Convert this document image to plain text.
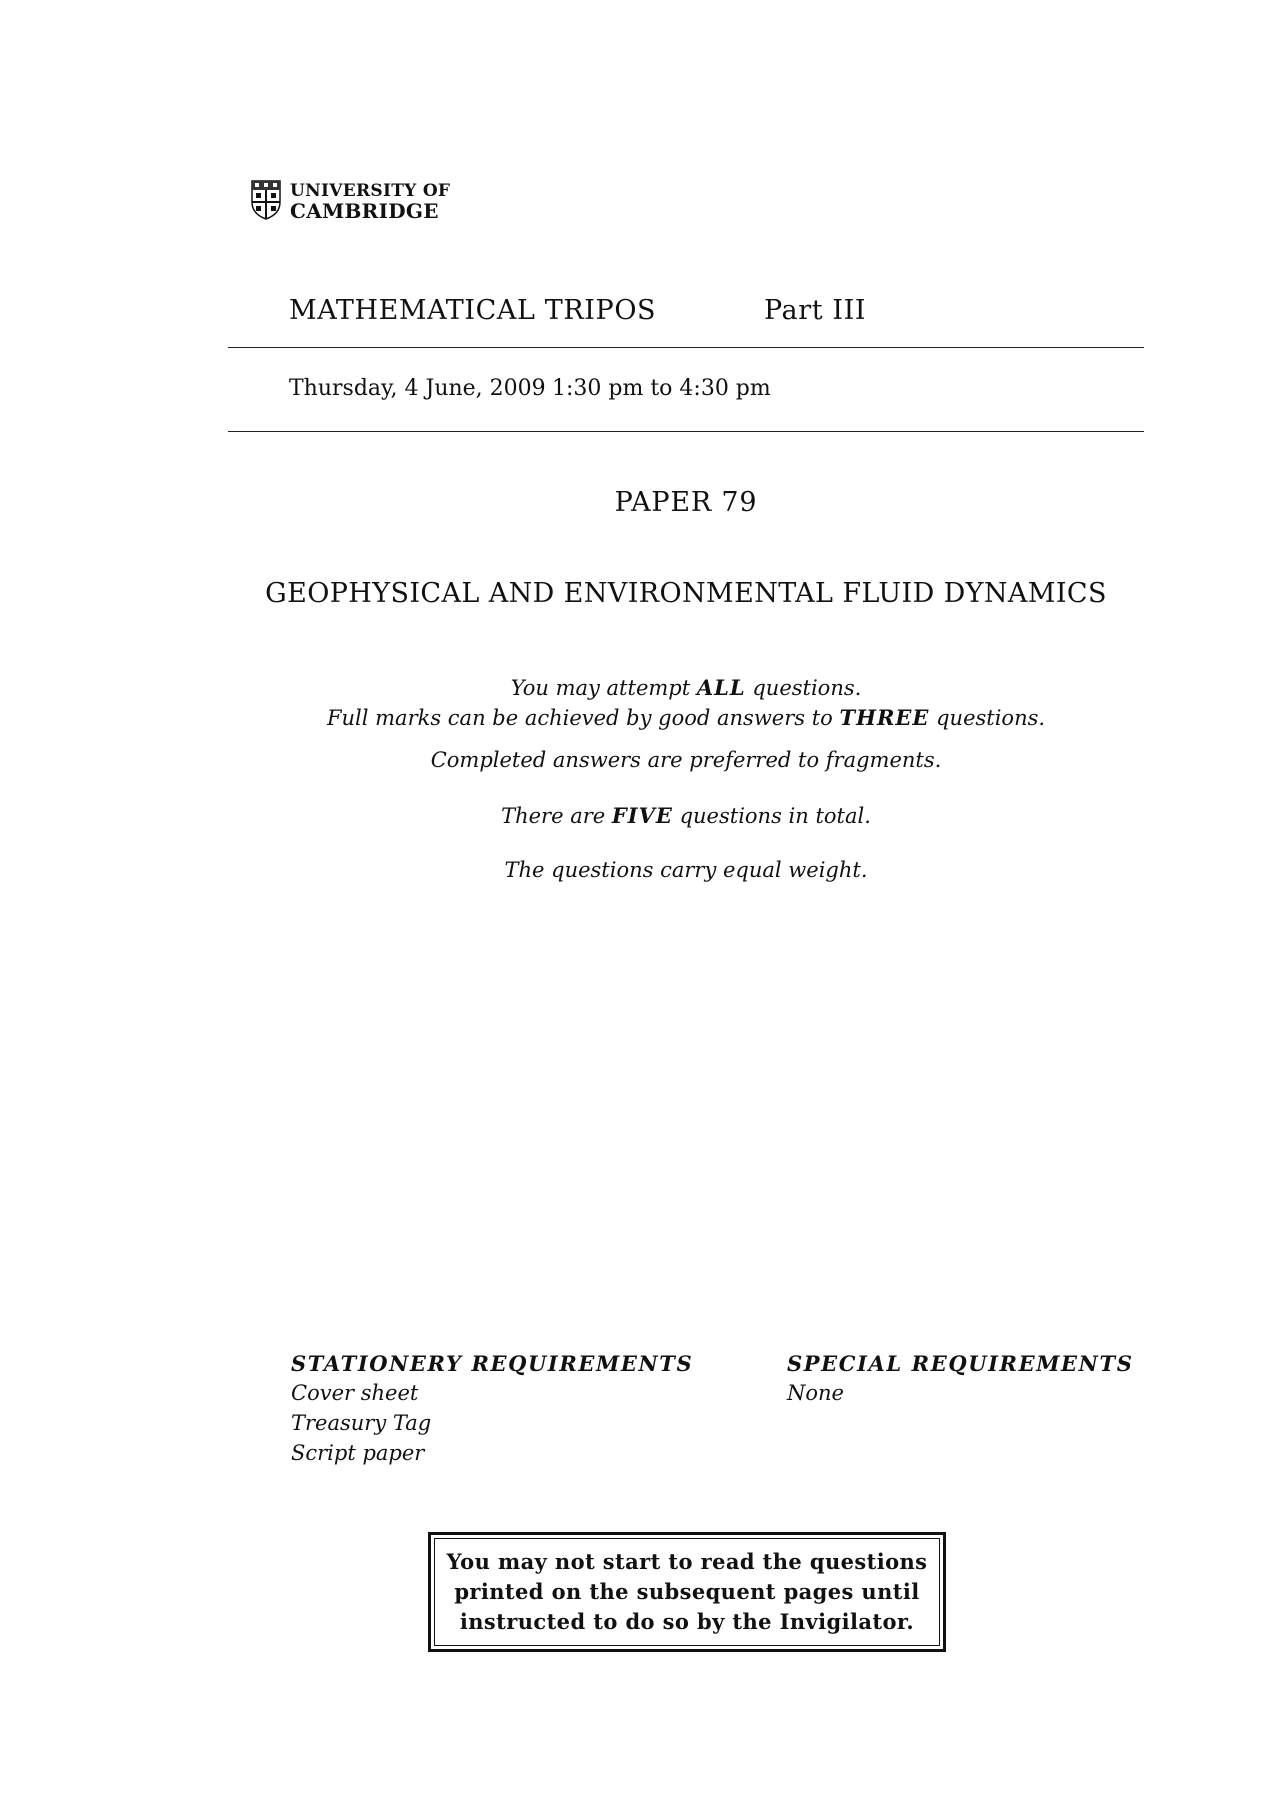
UNIVERSITY OF
CAMBRIDGE
MATHEMATICAL TRIPOS	Part III
Thursday, 4 June, 2009 1:30 pm to 4:30 pm
PAPER 79
GEOPHYSICAL AND ENVIRONMENTAL FLUID DYNAMICS
You may attempt ALL questions.
Full marks can be achieved by good answers to THREE questions.
Completed answers are preferred to fragments.
There are FIVE questions in total.
The questions carry equal weight.
STATIONERY REQUIREMENTS
Cover sheet
Treasury Tag
Script paper
SPECIAL REQUIREMENTS
None
You may not start to read the questions
printed on the subsequent pages until
instructed to do so by the Invigilator.
